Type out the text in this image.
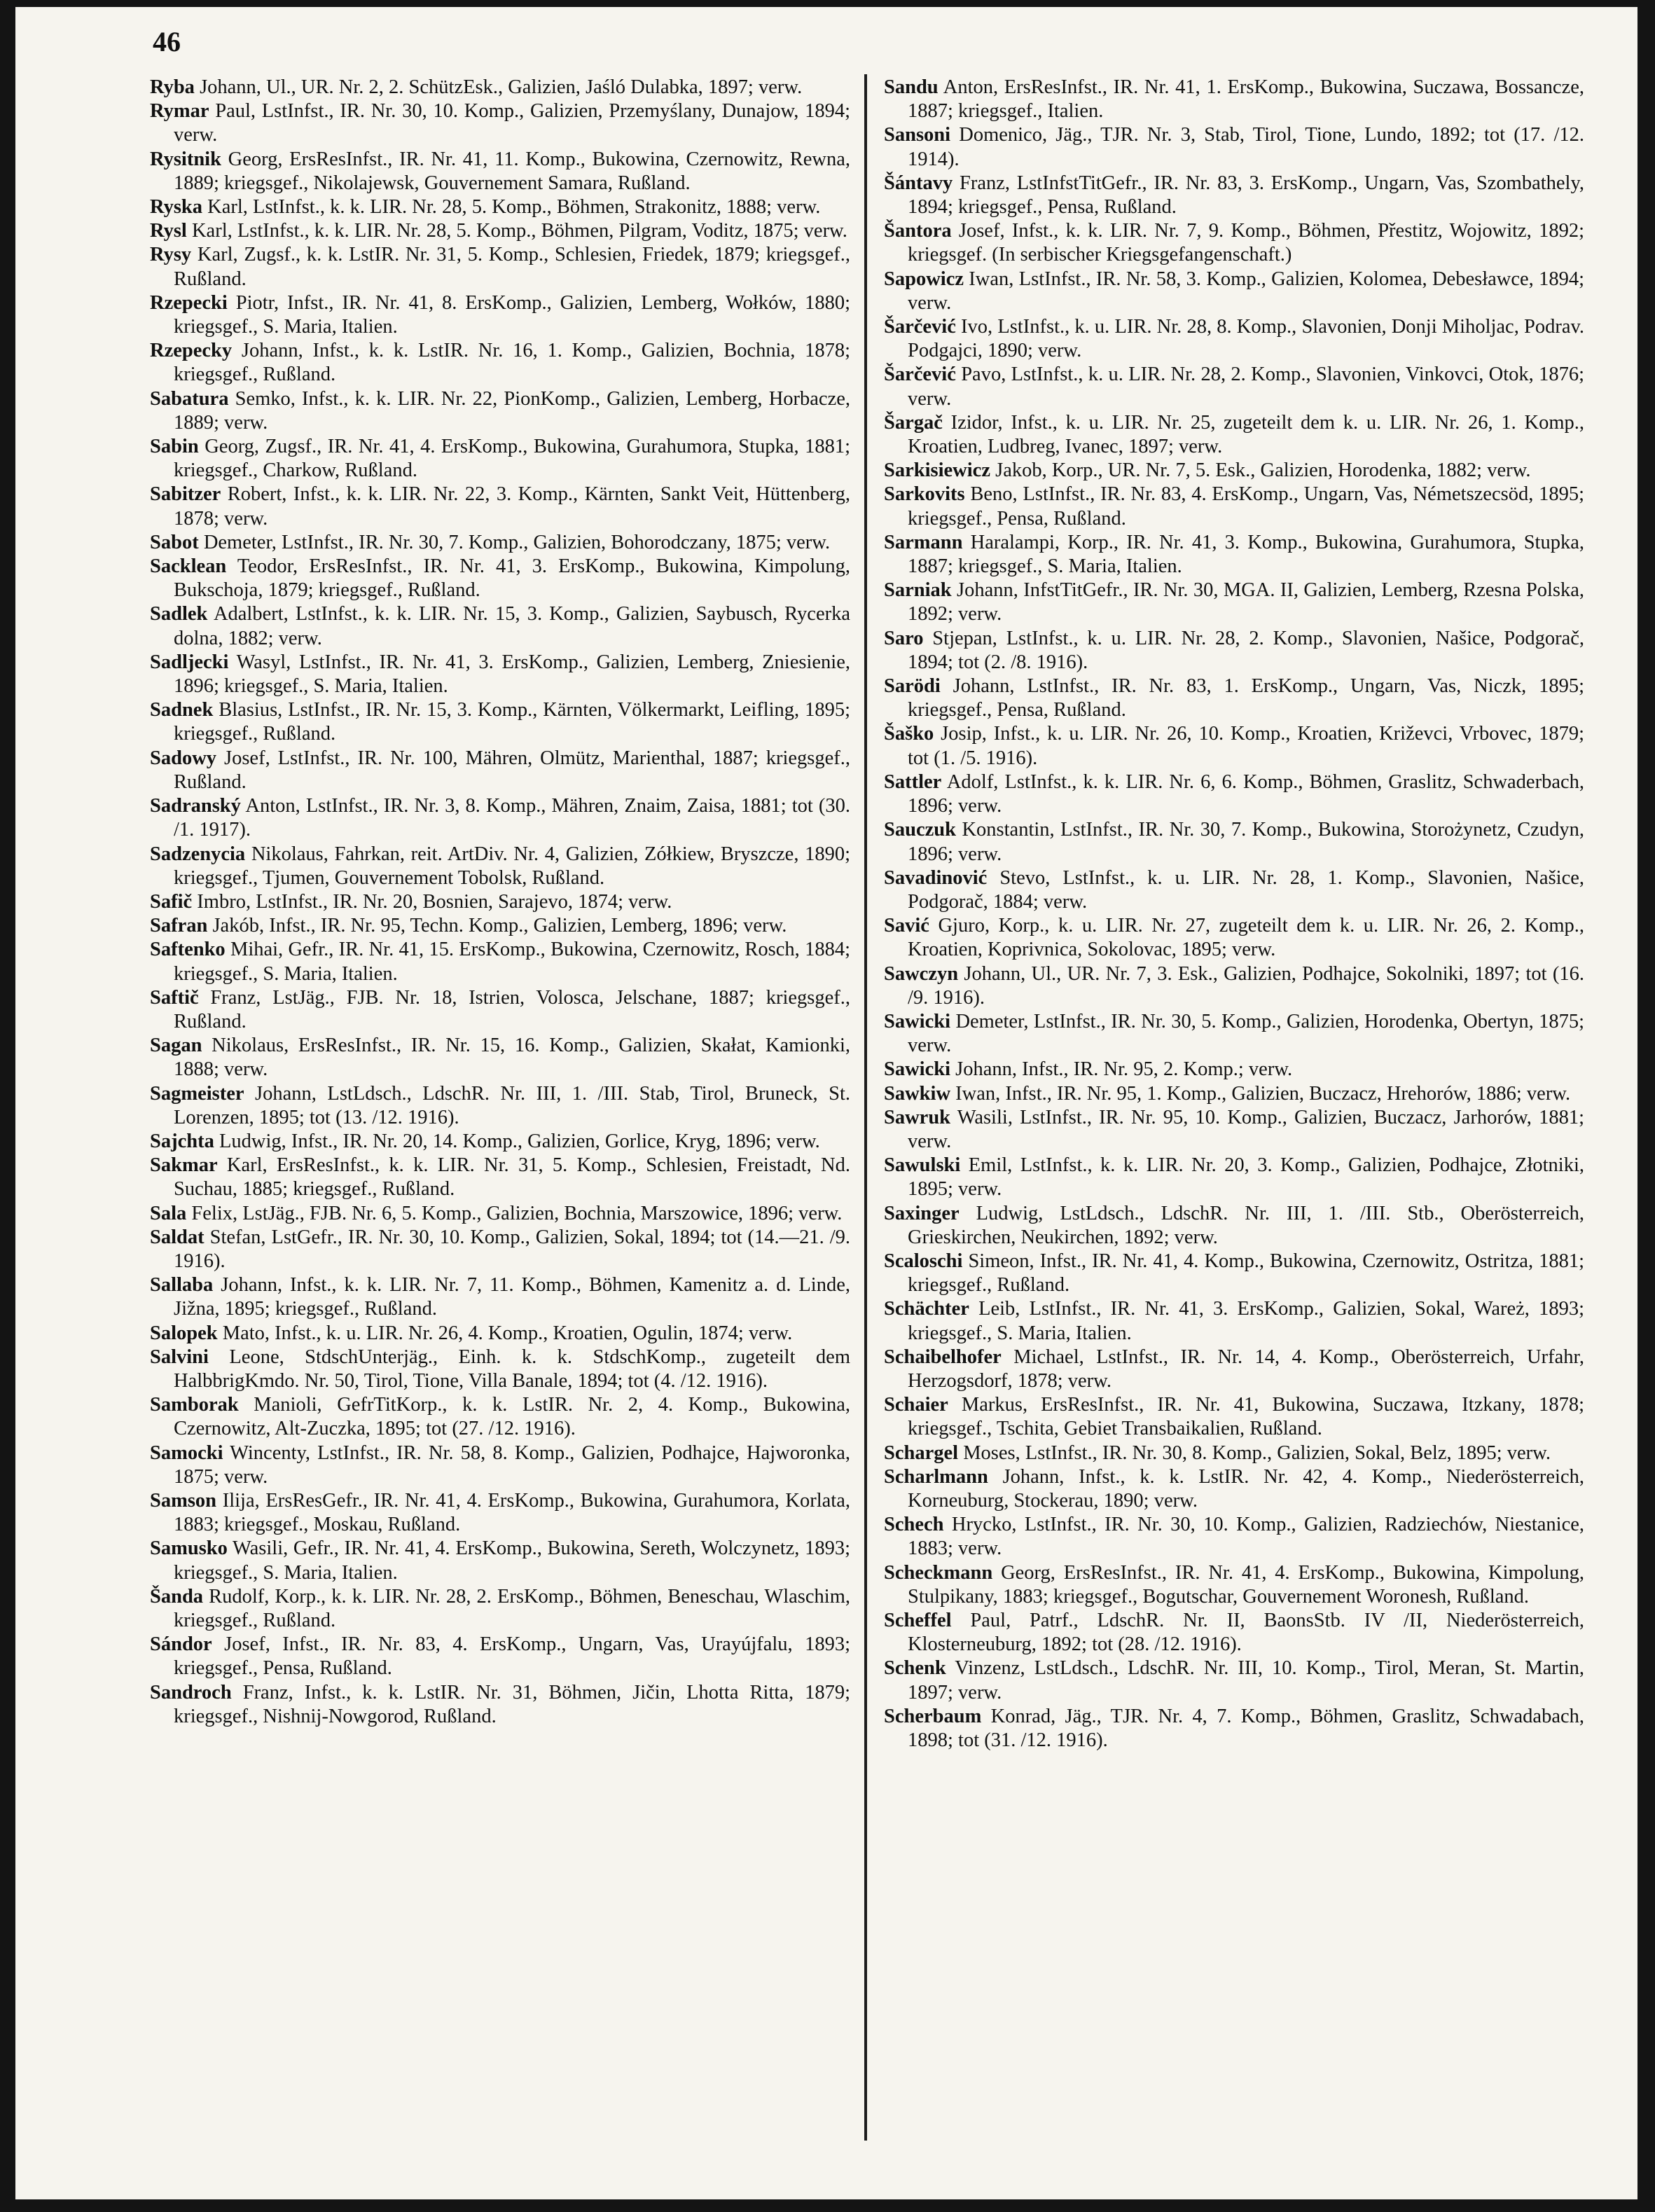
46

Ryba Johann, Ul., UR. Nr. 2, 2. SchützEsk., Galizien, Jaśló Dulabka, 1897; verw.

Rymar Paul, LstInfst., IR. Nr. 30, 10. Komp., Galizien, Przemyślany, Dunajow, 1894; verw.

Rysitnik Georg, ErsResInfst., IR. Nr. 41, 11. Komp., Bukowina, Czernowitz, Rewna, 1889; kriegsgef., Nikolajewsk, Gouvernement Samara, Rußland.

Ryska Karl, LstInfst., k. k. LIR. Nr. 28, 5. Komp., Böhmen, Strakonitz, 1888; verw.

Rysl Karl, LstInfst., k. k. LIR. Nr. 28, 5. Komp., Böhmen, Pilgram, Voditz, 1875; verw.

Rysy Karl, Zugsf., k. k. LstIR. Nr. 31, 5. Komp., Schlesien, Friedek, 1879; kriegsgef., Rußland.

Rzepecki Piotr, Infst., IR. Nr. 41, 8. ErsKomp., Galizien, Lemberg, Wołków, 1880; kriegsgef., S. Maria, Italien.

Rzepecky Johann, Infst., k. k. LstIR. Nr. 16, 1. Komp., Galizien, Bochnia, 1878; kriegsgef., Rußland.

Sabatura Semko, Infst., k. k. LIR. Nr. 22, PionKomp., Galizien, Lemberg, Horbacze, 1889; verw.

Sabin Georg, Zugsf., IR. Nr. 41, 4. ErsKomp., Bukowina, Gurahumora, Stupka, 1881; kriegsgef., Charkow, Rußland.

Sabitzer Robert, Infst., k. k. LIR. Nr. 22, 3. Komp., Kärnten, Sankt Veit, Hüttenberg, 1878; verw.

Sabot Demeter, LstInfst., IR. Nr. 30, 7. Komp., Galizien, Bohorodczany, 1875; verw.

Sacklean Teodor, ErsResInfst., IR. Nr. 41, 3. ErsKomp., Bukowina, Kimpolung, Bukschoja, 1879; kriegsgef., Rußland.

Sadlek Adalbert, LstInfst., k. k. LIR. Nr. 15, 3. Komp., Galizien, Saybusch, Rycerka dolna, 1882; verw.

Sadljecki Wasyl, LstInfst., IR. Nr. 41, 3. ErsKomp., Galizien, Lemberg, Zniesienie, 1896; kriegsgef., S. Maria, Italien.

Sadnek Blasius, LstInfst., IR. Nr. 15, 3. Komp., Kärnten, Völkermarkt, Leifling, 1895; kriegsgef., Rußland.

Sadowy Josef, LstInfst., IR. Nr. 100, Mähren, Olmütz, Marienthal, 1887; kriegsgef., Rußland.

Sadranský Anton, LstInfst., IR. Nr. 3, 8. Komp., Mähren, Znaim, Zaisa, 1881; tot (30. /1. 1917).

Sadzenycia Nikolaus, Fahrkan, reit. ArtDiv. Nr. 4, Galizien, Zółkiew, Bryszcze, 1890; kriegsgef., Tjumen, Gouvernement Tobolsk, Rußland.

Safič Imbro, LstInfst., IR. Nr. 20, Bosnien, Sarajevo, 1874; verw.

Safran Jakób, Infst., IR. Nr. 95, Techn. Komp., Galizien, Lemberg, 1896; verw.

Saftenko Mihai, Gefr., IR. Nr. 41, 15. ErsKomp., Bukowina, Czernowitz, Rosch, 1884; kriegsgef., S. Maria, Italien.

Saftič Franz, LstJäg., FJB. Nr. 18, Istrien, Volosca, Jelschane, 1887; kriegsgef., Rußland.

Sagan Nikolaus, ErsResInfst., IR. Nr. 15, 16. Komp., Galizien, Skałat, Kamionki, 1888; verw.

Sagmeister Johann, LstLdsch., LdschR. Nr. III, 1. /III. Stab, Tirol, Bruneck, St. Lorenzen, 1895; tot (13. /12. 1916).

Sajchta Ludwig, Infst., IR. Nr. 20, 14. Komp., Galizien, Gorlice, Kryg, 1896; verw.

Sakmar Karl, ErsResInfst., k. k. LIR. Nr. 31, 5. Komp., Schlesien, Freistadt, Nd. Suchau, 1885; kriegsgef., Rußland.

Sala Felix, LstJäg., FJB. Nr. 6, 5. Komp., Galizien, Bochnia, Marszowice, 1896; verw.

Saldat Stefan, LstGefr., IR. Nr. 30, 10. Komp., Galizien, Sokal, 1894; tot (14.—21. /9. 1916).

Sallaba Johann, Infst., k. k. LIR. Nr. 7, 11. Komp., Böhmen, Kamenitz a. d. Linde, Jižna, 1895; kriegsgef., Rußland.

Salopek Mato, Infst., k. u. LIR. Nr. 26, 4. Komp., Kroatien, Ogulin, 1874; verw.

Salvini Leone, StdschUnterjäg., Einh. k. k. StdschKomp., zugeteilt dem HalbbrigKmdo. Nr. 50, Tirol, Tione, Villa Banale, 1894; tot (4. /12. 1916).

Samborak Manioli, GefrTitKorp., k. k. LstIR. Nr. 2, 4. Komp., Bukowina, Czernowitz, Alt-Zuczka, 1895; tot (27. /12. 1916).

Samocki Wincenty, LstInfst., IR. Nr. 58, 8. Komp., Galizien, Podhajce, Hajworonka, 1875; verw.

Samson Ilija, ErsResGefr., IR. Nr. 41, 4. ErsKomp., Bukowina, Gurahumora, Korlata, 1883; kriegsgef., Moskau, Rußland.

Samusko Wasili, Gefr., IR. Nr. 41, 4. ErsKomp., Bukowina, Sereth, Wolczynetz, 1893; kriegsgef., S. Maria, Italien.

Šanda Rudolf, Korp., k. k. LIR. Nr. 28, 2. ErsKomp., Böhmen, Beneschau, Wlaschim, kriegsgef., Rußland.

Sándor Josef, Infst., IR. Nr. 83, 4. ErsKomp., Ungarn, Vas, Urayújfalu, 1893; kriegsgef., Pensa, Rußland.

Sandroch Franz, Infst., k. k. LstIR. Nr. 31, Böhmen, Jičin, Lhotta Ritta, 1879; kriegsgef., Nishnij-Nowgorod, Rußland.

Sandu Anton, ErsResInfst., IR. Nr. 41, 1. ErsKomp., Bukowina, Suczawa, Bossancze, 1887; kriegsgef., Italien.

Sansoni Domenico, Jäg., TJR. Nr. 3, Stab, Tirol, Tione, Lundo, 1892; tot (17. /12. 1914).

Šántavy Franz, LstInfstTitGefr., IR. Nr. 83, 3. ErsKomp., Ungarn, Vas, Szombathely, 1894; kriegsgef., Pensa, Rußland.

Šantora Josef, Infst., k. k. LIR. Nr. 7, 9. Komp., Böhmen, Přestitz, Wojowitz, 1892; kriegsgef. (In serbischer Kriegsgefangenschaft.)

Sapowicz Iwan, LstInfst., IR. Nr. 58, 3. Komp., Galizien, Kolomea, Debesławce, 1894; verw.

Šarčević Ivo, LstInfst., k. u. LIR. Nr. 28, 8. Komp., Slavonien, Donji Miholjac, Podrav. Podgajci, 1890; verw.

Šarčević Pavo, LstInfst., k. u. LIR. Nr. 28, 2. Komp., Slavonien, Vinkovci, Otok, 1876; verw.

Šargač Izidor, Infst., k. u. LIR. Nr. 25, zugeteilt dem k. u. LIR. Nr. 26, 1. Komp., Kroatien, Ludbreg, Ivanec, 1897; verw.

Sarkisiewicz Jakob, Korp., UR. Nr. 7, 5. Esk., Galizien, Horodenka, 1882; verw.

Sarkovits Beno, LstInfst., IR. Nr. 83, 4. ErsKomp., Ungarn, Vas, Németszecsöd, 1895; kriegsgef., Pensa, Rußland.

Sarmann Haralampi, Korp., IR. Nr. 41, 3. Komp., Bukowina, Gurahumora, Stupka, 1887; kriegsgef., S. Maria, Italien.

Sarniak Johann, InfstTitGefr., IR. Nr. 30, MGA. II, Galizien, Lemberg, Rzesna Polska, 1892; verw.

Saro Stjepan, LstInfst., k. u. LIR. Nr. 28, 2. Komp., Slavonien, Našice, Podgorač, 1894; tot (2. /8. 1916).

Sarödi Johann, LstInfst., IR. Nr. 83, 1. ErsKomp., Ungarn, Vas, Niczk, 1895; kriegsgef., Pensa, Rußland.

Šaško Josip, Infst., k. u. LIR. Nr. 26, 10. Komp., Kroatien, Križevci, Vrbovec, 1879; tot (1. /5. 1916).

Sattler Adolf, LstInfst., k. k. LIR. Nr. 6, 6. Komp., Böhmen, Graslitz, Schwaderbach, 1896; verw.

Sauczuk Konstantin, LstInfst., IR. Nr. 30, 7. Komp., Bukowina, Storożynetz, Czudyn, 1896; verw.

Savadinović Stevo, LstInfst., k. u. LIR. Nr. 28, 1. Komp., Slavonien, Našice, Podgorač, 1884; verw.

Savić Gjuro, Korp., k. u. LIR. Nr. 27, zugeteilt dem k. u. LIR. Nr. 26, 2. Komp., Kroatien, Koprivnica, Sokolovac, 1895; verw.

Sawczyn Johann, Ul., UR. Nr. 7, 3. Esk., Galizien, Podhajce, Sokolniki, 1897; tot (16. /9. 1916).

Sawicki Demeter, LstInfst., IR. Nr. 30, 5. Komp., Galizien, Horodenka, Obertyn, 1875; verw.

Sawicki Johann, Infst., IR. Nr. 95, 2. Komp.; verw.

Sawkiw Iwan, Infst., IR. Nr. 95, 1. Komp., Galizien, Buczacz, Hrehorów, 1886; verw.

Sawruk Wasili, LstInfst., IR. Nr. 95, 10. Komp., Galizien, Buczacz, Jarhorów, 1881; verw.

Sawulski Emil, LstInfst., k. k. LIR. Nr. 20, 3. Komp., Galizien, Podhajce, Złotniki, 1895; verw.

Saxinger Ludwig, LstLdsch., LdschR. Nr. III, 1. /III. Stb., Oberösterreich, Grieskirchen, Neukirchen, 1892; verw.

Scaloschi Simeon, Infst., IR. Nr. 41, 4. Komp., Bukowina, Czernowitz, Ostritza, 1881; kriegsgef., Rußland.

Schächter Leib, LstInfst., IR. Nr. 41, 3. ErsKomp., Galizien, Sokal, Wareż, 1893; kriegsgef., S. Maria, Italien.

Schaibelhofer Michael, LstInfst., IR. Nr. 14, 4. Komp., Oberösterreich, Urfahr, Herzogsdorf, 1878; verw.

Schaier Markus, ErsResInfst., IR. Nr. 41, Bukowina, Suczawa, Itzkany, 1878; kriegsgef., Tschita, Gebiet Transbaikalien, Rußland.

Schargel Moses, LstInfst., IR. Nr. 30, 8. Komp., Galizien, Sokal, Belz, 1895; verw.

Scharlmann Johann, Infst., k. k. LstIR. Nr. 42, 4. Komp., Niederösterreich, Korneuburg, Stockerau, 1890; verw.

Schech Hrycko, LstInfst., IR. Nr. 30, 10. Komp., Galizien, Radziechów, Niestanice, 1883; verw.

Scheckmann Georg, ErsResInfst., IR. Nr. 41, 4. ErsKomp., Bukowina, Kimpolung, Stulpikany, 1883; kriegsgef., Bogutschar, Gouvernement Woronesh, Rußland.

Scheffel Paul, Patrf., LdschR. Nr. II, BaonsStb. IV /II, Niederösterreich, Klosterneuburg, 1892; tot (28. /12. 1916).

Schenk Vinzenz, LstLdsch., LdschR. Nr. III, 10. Komp., Tirol, Meran, St. Martin, 1897; verw.

Scherbaum Konrad, Jäg., TJR. Nr. 4, 7. Komp., Böhmen, Graslitz, Schwadabach, 1898; tot (31. /12. 1916).
